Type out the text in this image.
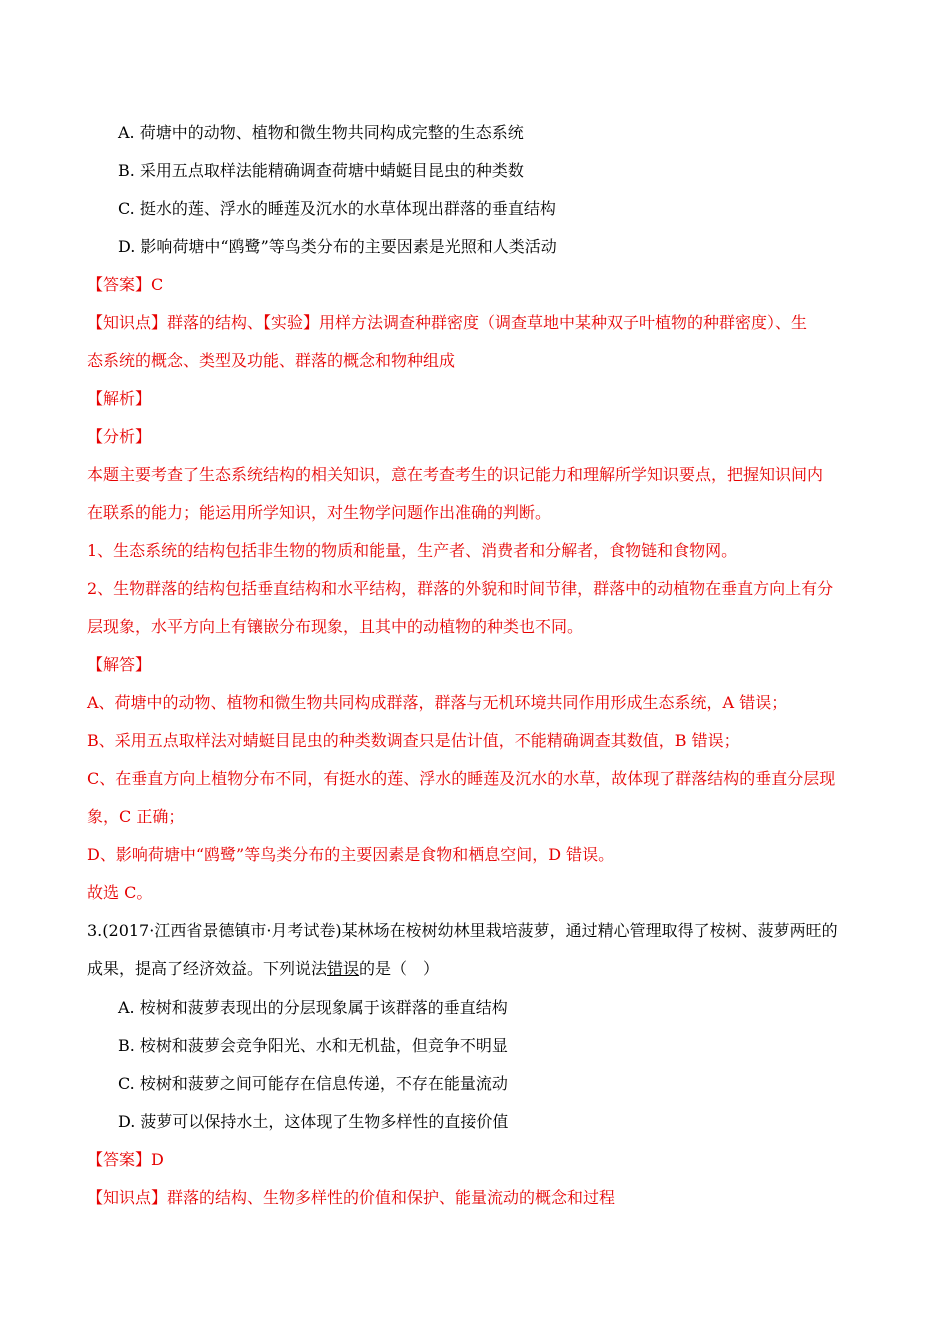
A. 荷塘中的动物、植物和微生物共同构成完整的生态系统
B. 采用五点取样法能精确调查荷塘中蜻蜓目昆虫的种类数
C. 挺水的莲、浮水的睡莲及沉水的水草体现出群落的垂直结构
D. 影响荷塘中“鸥鹭”等鸟类分布的主要因素是光照和人类活动
【答案】C
【知识点】群落的结构、【实验】用样方法调查种群密度（调查草地中某种双子叶植物的种群密度）、生
态系统的概念、类型及功能、群落的概念和物种组成
【解析】
【分析】
本题主要考查了生态系统结构的相关知识，意在考查考生的识记能力和理解所学知识要点，把握知识间内
在联系的能力；能运用所学知识，对生物学问题作出准确的判断。
1、生态系统的结构包括非生物的物质和能量，生产者、消费者和分解者，食物链和食物网。
2、生物群落的结构包括垂直结构和水平结构，群落的外貌和时间节律，群落中的动植物在垂直方向上有分
层现象，水平方向上有镶嵌分布现象，且其中的动植物的种类也不同。
【解答】
A、荷塘中的动物、植物和微生物共同构成群落，群落与无机环境共同作用形成生态系统，A 错误；
B、采用五点取样法对蜻蜓目昆虫的种类数调查只是估计值，不能精确调查其数值，B 错误；
C、在垂直方向上植物分布不同，有挺水的莲、浮水的睡莲及沉水的水草，故体现了群落结构的垂直分层现
象，C 正确；
D、影响荷塘中“鸥鹭”等鸟类分布的主要因素是食物和栖息空间，D 错误。
故选 C。
3.(2017·江西省景德镇市·月考试卷)某林场在桉树幼林里栽培菠萝，通过精心管理取得了桉树、菠萝两旺的
成果，提高了经济效益。下列说法错误的是（　）
A. 桉树和菠萝表现出的分层现象属于该群落的垂直结构
B. 桉树和菠萝会竞争阳光、水和无机盐，但竞争不明显
C. 桉树和菠萝之间可能存在信息传递，不存在能量流动
D. 菠萝可以保持水土，这体现了生物多样性的直接价值
【答案】D
【知识点】群落的结构、生物多样性的价值和保护、能量流动的概念和过程
